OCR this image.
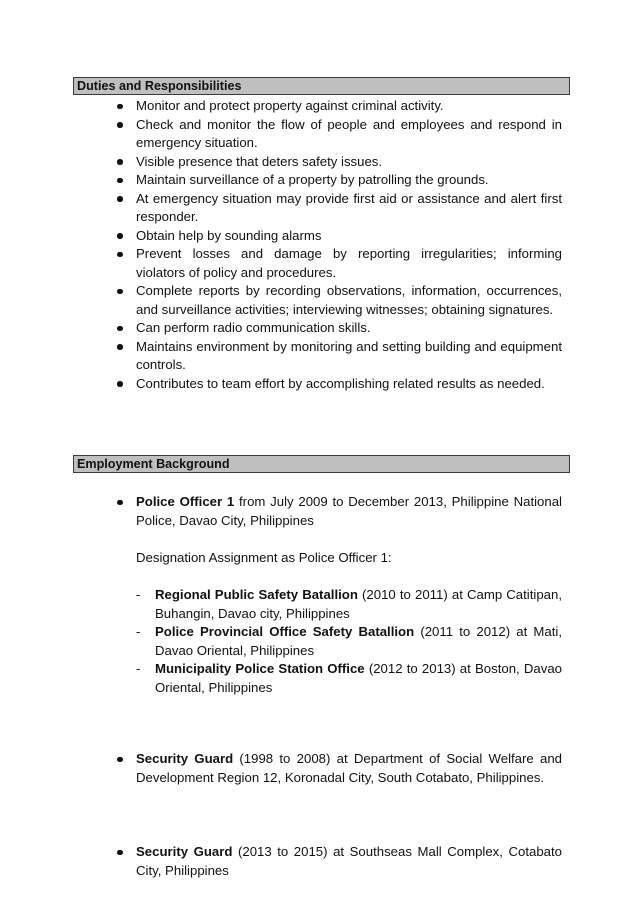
Duties and Responsibilities
Monitor and protect property against criminal activity.
Check and monitor the flow of people and employees and respond in emergency situation.
Visible presence that deters safety issues.
Maintain surveillance of a property by patrolling the grounds.
At emergency situation may provide first aid or assistance and alert first responder.
Obtain help by sounding alarms
Prevent losses and damage by reporting irregularities; informing violators of policy and procedures.
Complete reports by recording observations, information, occurrences, and surveillance activities; interviewing witnesses; obtaining signatures.
Can perform radio communication skills.
Maintains environment by monitoring and setting building and equipment controls.
Contributes to team effort by accomplishing related results as needed.
Employment Background
Police Officer 1 from July 2009 to December 2013, Philippine National Police, Davao City, Philippines
Designation Assignment as Police Officer 1:
- Regional Public Safety Batallion (2010 to 2011) at Camp Catitipan, Buhangin, Davao city, Philippines
- Police Provincial Office Safety Batallion (2011 to 2012) at Mati, Davao Oriental, Philippines
- Municipality Police Station Office (2012 to 2013) at Boston, Davao Oriental, Philippines
Security Guard (1998 to 2008) at Department of Social Welfare and Development Region 12, Koronadal City, South Cotabato, Philippines.
Security Guard (2013 to 2015) at Southseas Mall Complex, Cotabato City, Philippines
